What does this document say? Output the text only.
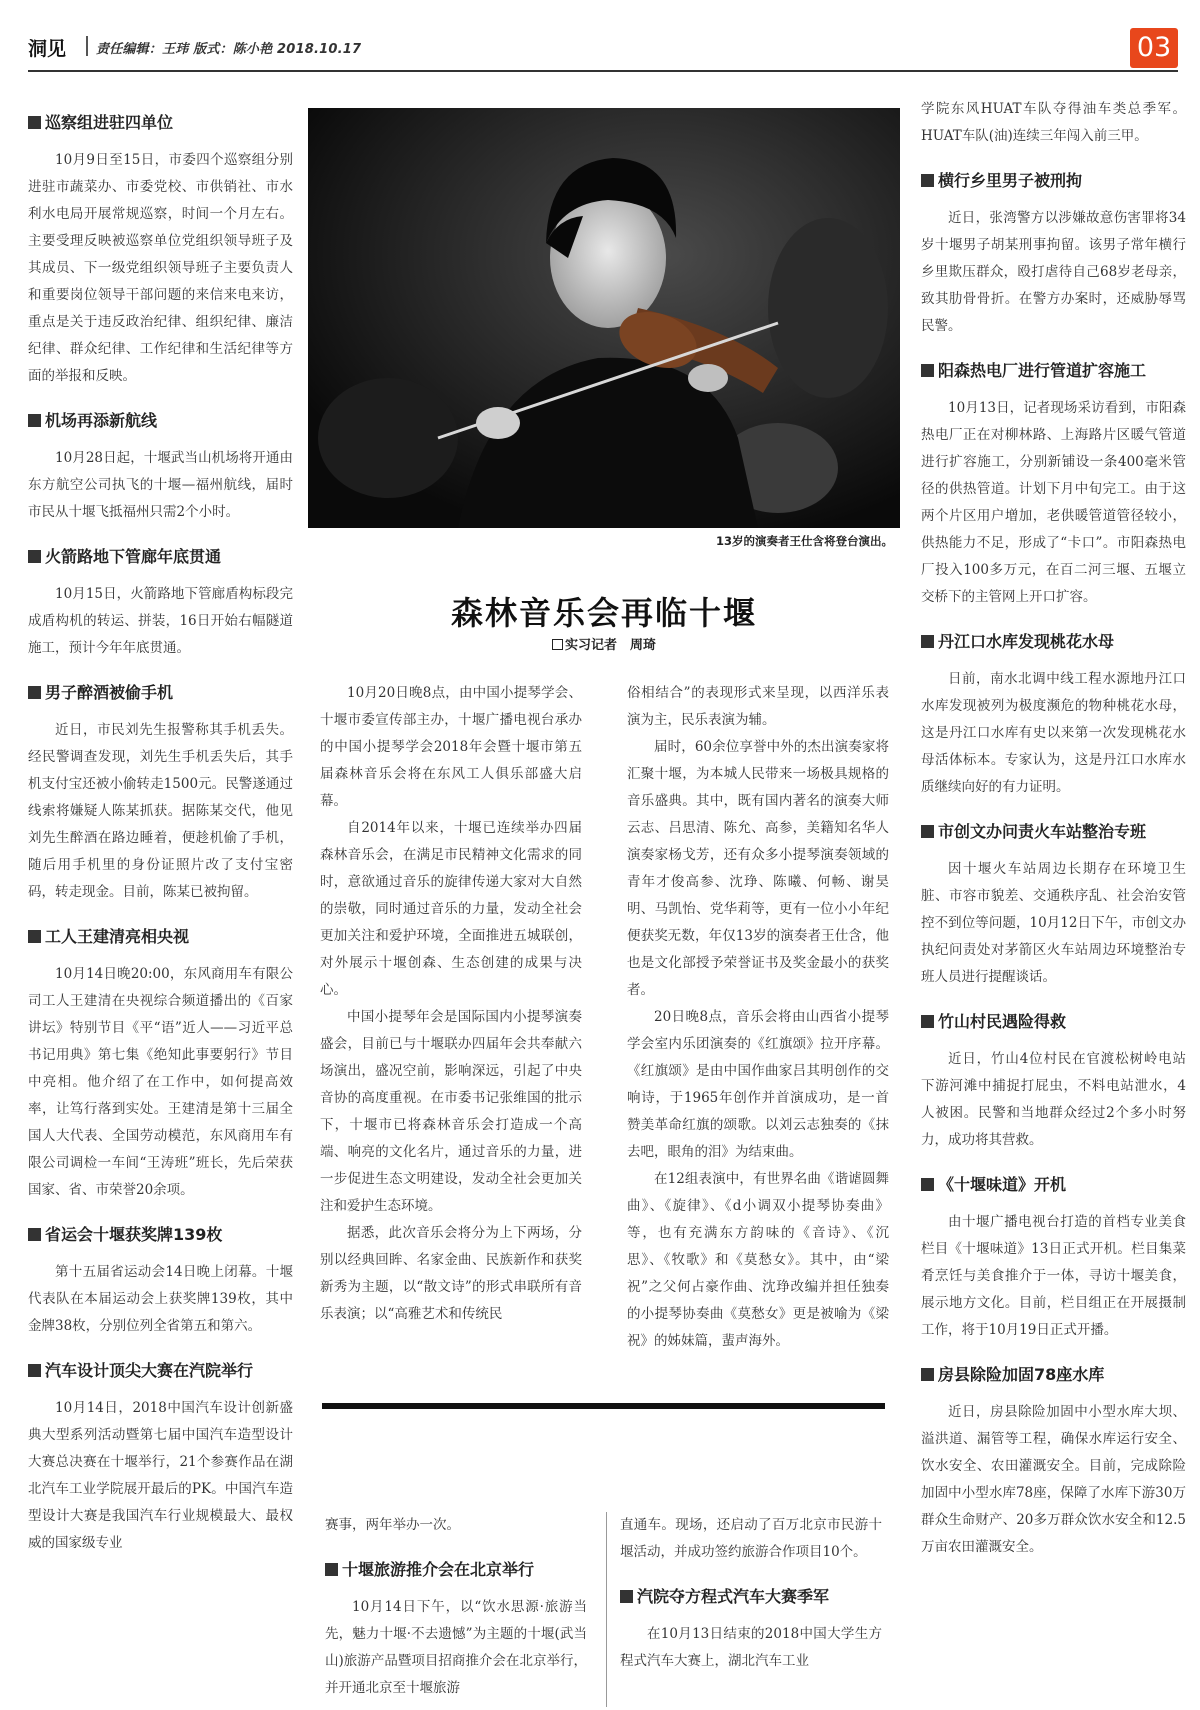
洞见 责任编辑：王玮 版式：陈小艳 2018.10.17	03
巡察组进驻四单位
10月9日至15日，市委四个巡察组分别进驻市蔬菜办、市委党校、市供销社、市水利水电局开展常规巡察，时间一个月左右。主要受理反映被巡察单位党组织领导班子及其成员、下一级党组织领导班子主要负责人和重要岗位领导干部问题的来信来电来访，重点是关于违反政治纪律、组织纪律、廉洁纪律、群众纪律、工作纪律和生活纪律等方面的举报和反映。
机场再添新航线
10月28日起，十堰武当山机场将开通由东方航空公司执飞的十堰—福州航线，届时市民从十堰飞抵福州只需2个小时。
火箭路地下管廊年底贯通
10月15日，火箭路地下管廊盾构标段完成盾构机的转运、拼装，16日开始右幅隧道施工，预计今年年底贯通。
男子醉酒被偷手机
近日，市民刘先生报警称其手机丢失。经民警调查发现，刘先生手机丢失后，其手机支付宝还被小偷转走1500元。民警遂通过线索将嫌疑人陈某抓获。据陈某交代，他见刘先生醉酒在路边睡着，便趁机偷了手机，随后用手机里的身份证照片改了支付宝密码，转走现金。目前，陈某已被拘留。
工人王建清亮相央视
10月14日晚20:00，东风商用车有限公司工人王建清在央视综合频道播出的《百家讲坛》特别节目《平“语”近人——习近平总书记用典》第七集《绝知此事要躬行》节目中亮相。他介绍了在工作中，如何提高效率，让笃行落到实处。王建清是第十三届全国人大代表、全国劳动模范，东风商用车有限公司调检一车间“王涛班”班长，先后荣获国家、省、市荣誉20余项。
省运会十堰获奖牌139枚
第十五届省运动会14日晚上闭幕。十堰代表队在本届运动会上获奖牌139枚，其中金牌38枚，分别位列全省第五和第六。
汽车设计顶尖大赛在汽院举行
10月14日，2018中国汽车设计创新盛典大型系列活动暨第七届中国汽车造型设计大赛总决赛在十堰举行，21个参赛作品在湖北汽车工业学院展开最后的PK。中国汽车造型设计大赛是我国汽车行业规模最大、最权威的国家级专业
13岁的演奏者王仕含将登台演出。
森林音乐会再临十堰
实习记者　周琦

10月20日晚8点，由中国小提琴学会、十堰市委宣传部主办，十堰广播电视台承办的中国小提琴学会2018年会暨十堰市第五届森林音乐会将在东风工人俱乐部盛大启幕。

自2014年以来，十堰已连续举办四届森林音乐会，在满足市民精神文化需求的同时，意欲通过音乐的旋律传递大家对大自然的崇敬，同时通过音乐的力量，发动全社会更加关注和爱护环境，全面推进五城联创，对外展示十堰创森、生态创建的成果与决心。

中国小提琴年会是国际国内小提琴演奏盛会，目前已与十堰联办四届年会共奉献六场演出，盛况空前，影响深远，引起了中央音协的高度重视。在市委书记张维国的批示下，十堰市已将森林音乐会打造成一个高端、响亮的文化名片，通过音乐的力量，进一步促进生态文明建设，发动全社会更加关注和爱护生态环境。

据悉，此次音乐会将分为上下两场，分别以经典回眸、名家金曲、民族新作和获奖新秀为主题，以“散文诗”的形式串联所有音乐表演；以“高雅艺术和传统民

俗相结合”的表现形式来呈现，以西洋乐表演为主，民乐表演为辅。

届时，60余位享誉中外的杰出演奏家将汇聚十堰，为本城人民带来一场极具规格的音乐盛典。其中，既有国内著名的演奏大师云志、吕思清、陈允、高参，美籍知名华人演奏家杨戈芳，还有众多小提琴演奏领域的青年才俊高参、沈琤、陈曦、何畅、谢昊明、马凯怡、党华莉等，更有一位小小年纪便获奖无数，年仅13岁的演奏者王仕含，他也是文化部授予荣誉证书及奖金最小的获奖者。

20日晚8点，音乐会将由山西省小提琴学会室内乐团演奏的《红旗颂》拉开序幕。《红旗颂》是由中国作曲家吕其明创作的交响诗，于1965年创作并首演成功，是一首赞美革命红旗的颂歌。以刘云志独奏的《抹去吧，眼角的泪》为结束曲。

在12组表演中，有世界名曲《谐谑圆舞曲》、《旋律》、《d小调双小提琴协奏曲》等，也有充满东方韵味的《音诗》、《沉思》、《牧歌》和《莫愁女》。其中，由“梁祝”之父何占豪作曲、沈琤改编并担任独奏的小提琴协奏曲《莫愁女》更是被喻为《梁祝》的姊妹篇，蜚声海外。

赛事，两年举办一次。
十堰旅游推介会在北京举行
10月14日下午，以“饮水思源·旅游当先，魅力十堰·不去遗憾”为主题的十堰(武当山)旅游产品暨项目招商推介会在北京举行，并开通北京至十堰旅游
直通车。现场，还启动了百万北京市民游十堰活动，并成功签约旅游合作项目10个。
汽院夺方程式汽车大赛季军
在10月13日结束的2018中国大学生方程式汽车大赛上，湖北汽车工业
学院东风HUAT车队夺得油车类总季军。HUAT车队(油)连续三年闯入前三甲。
横行乡里男子被刑拘
近日，张湾警方以涉嫌故意伤害罪将34岁十堰男子胡某刑事拘留。该男子常年横行乡里欺压群众，殴打虐待自己68岁老母亲，致其肋骨骨折。在警方办案时，还威胁辱骂民警。
阳森热电厂进行管道扩容施工
10月13日，记者现场采访看到，市阳森热电厂正在对柳林路、上海路片区暖气管道进行扩容施工，分别新铺设一条400毫米管径的供热管道。计划下月中旬完工。由于这两个片区用户增加，老供暖管道管径较小，供热能力不足，形成了“卡口”。市阳森热电厂投入100多万元，在百二河三堰、五堰立交桥下的主管网上开口扩容。
丹江口水库发现桃花水母
日前，南水北调中线工程水源地丹江口水库发现被列为极度濒危的物种桃花水母，这是丹江口水库有史以来第一次发现桃花水母活体标本。专家认为，这是丹江口水库水质继续向好的有力证明。
市创文办问责火车站整治专班
因十堰火车站周边长期存在环境卫生脏、市容市貌差、交通秩序乱、社会治安管控不到位等问题，10月12日下午，市创文办执纪问责处对茅箭区火车站周边环境整治专班人员进行提醒谈话。
竹山村民遇险得救
近日，竹山4位村民在官渡松树岭电站下游河滩中捕捉打屁虫，不料电站泄水，4人被困。民警和当地群众经过2个多小时努力，成功将其营救。
《十堰味道》开机
由十堰广播电视台打造的首档专业美食栏目《十堰味道》13日正式开机。栏目集菜肴烹饪与美食推介于一体，寻访十堰美食，展示地方文化。目前，栏目组正在开展摄制工作，将于10月19日正式开播。
房县除险加固78座水库
近日，房县除险加固中小型水库大坝、溢洪道、漏管等工程，确保水库运行安全、饮水安全、农田灌溉安全。目前，完成除险加固中小型水库78座，保障了水库下游30万群众生命财产、20多万群众饮水安全和12.5万亩农田灌溉安全。
